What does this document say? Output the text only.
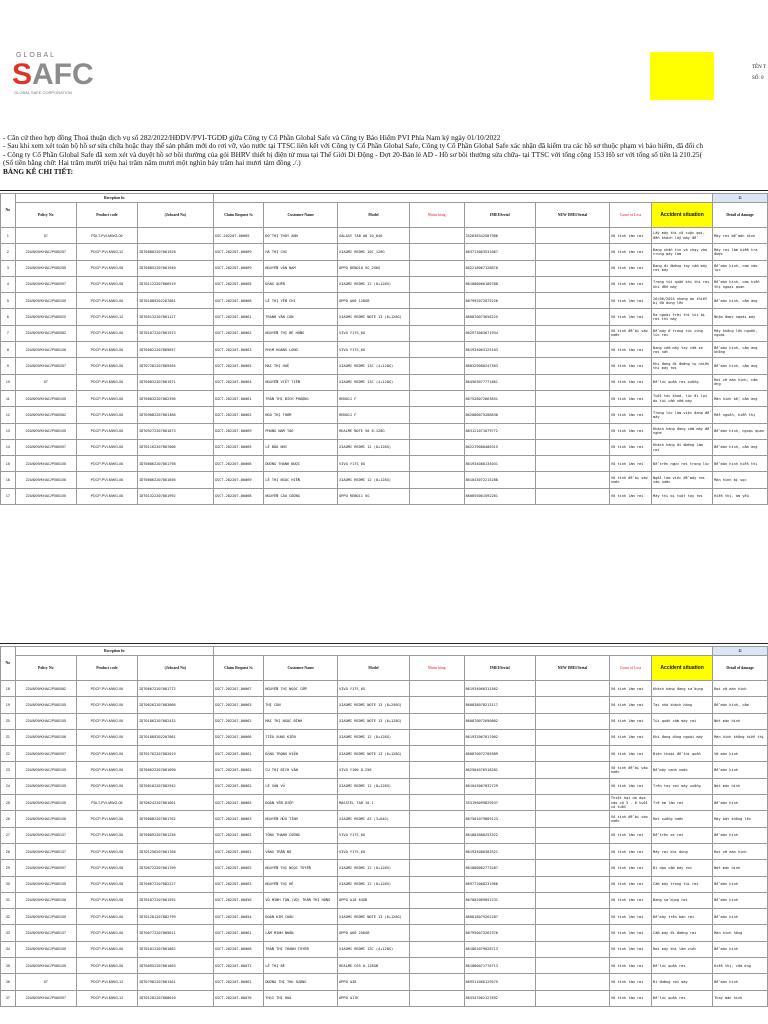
GLOBAL
SAFC
GLOBAL SAFE CORPORATION
TÊN T
SỐ: 0
- Căn cứ theo hợp đồng Thoả thuận dịch vụ số 282/2022/HĐDV/PVI-TGDĐ giữa Công ty Cổ Phần Global Safe và Công ty Bảo Hiểm PVI Phía Nam ký ngày 01/10/2022
- Sau khi xem xét toàn bộ hồ sơ sửa chữa hoặc thay thế sản phẩm mới do rơi vỡ, vào nước tại TTSC liên kết với Công ty Cổ Phần Global Safe, Công ty Cổ Phần Global Safe xác nhận đã kiểm tra các hồ sơ thuộc phạm vi bảo hiểm, đã đối ch
- Công ty Cổ Phần Global Safe đã xem xét và duyệt hồ sơ bồi thường của gói BHRV thiết bị điện tử mua tại Thế Giới Di Động - Đợt 20-Bản lẻ AD - Hồ sơ bồi thường sửa chữa- tại TTSC với tổng cộng 153 Hồ sơ với tổng số tiền là 210.25(
(Số tiền bằng chữ: Hai trăm mười triệu hai trăm năm mươi một nghìn bảy trăm hai mươi tám đồng ./.)
BẢNG KÊ CHI TIẾT:
No	Reception fu											G
	Policy No	Product code	(Jobcard No)	Claim Request №	Customer Name	Model	Nhóm hàng	IMEI/Serial	NEW IMEI/Serial	Cause of Loss	Accident situation	Detail of damage
1	57	PDLT-PVI-MWG-06		GSC-202207-00069	ĐỖ THỊ THÙY ANH	GALAXY TAB A8 10_640		352638342587986		Vô tình làm rơi	Lấy máy thì cô cuộc gọi, đến khách lấy máy để	Máy rơi bể màn hình
2	224/8/09/KHAC/P080257	PDCP-PVI-MWG-12	IDT06802207081928	GSCT-202207-00069	HÀ THỊ CHI	XIAOMI REDMI 10C_128G		863713063531067		Vô tình làm rơi	Đang nhắn tin và chạy vào trung máy làm	Máy rơi làm kiểm tra được
3	224/8/09/KHAC/P080255	PDCP-PVI-MWG-06	IDT06852207081940	GSCT-202207-00069	NGUYỄN VĂN NAM	OPPO RENO10 5G_256G		862218067128670		Vô tình làm rơi	Đang đi đường tay cầm máy rơi máy	Bể màn hình, cam vào lực
4	224/8/09/KHAC/P080097	PDCP-PVI-MWG-06	IDT01122207086519	GSCT-202207-00065	ĐẶNG QUẾN	XIAOMI REDMI 12 (8+128G)		861086066180788		Vô tình làm rơi	Trong túi quần khi thì rơi khi đến máy	Bể màn hình, cam hiển thị ngoại quan
5	224/8/09/KHAC/P080105	PDCP-PVI-MWG-06	IDT01889202207081	GSCT-202207-00066	LÊ THỊ YẾN CHI	OPPO A60 128GB		867992072075226		Vô tình làm rơi	26/06/2024 nhưng do thiết bị đã dùng lên	Bể màn hình, cảm ứng
6	224/8/09/KHAC/P080020	PDCP-PVI-MWG-12	IDT05132207081127	GSCT-202207-00061	TRANH VÂN CÒN	XIAOMI REDMI NOTE 13 (6+128G)		860870073656225		Vô tình làm rơi	Ra ngoài trời thì túi bị rơi thì máy	Nhận được ngoài máy
7	224/8/09/KHAC/P080082	PDCP-PVI-MWG-06	IDT01072207081913	GSCT-202207-00062	NGUYỄN THỊ BÉ HỒNG	VIVO Y17S_6G		862973003671934		Vô tình để bị vào nước	Để máy ở trong túi cùng lúc rơi	Máy không lên nguồn, ngoại
8	224/8/09/KHAC/P080106	PDCP-PVI-MWG-06	IDT06022207089657	GSCT-202207-00063	PHẠM HOÀNG LONG	VIVO Y17S_6G		861934063125103		Vô tình làm rơi	Đang cầm máy tay cầm xe rơi nát	Bể màn hình, cảm ứng không
9	224/8/09/KHAC/P080257	PDCP-PVI-MWG-06	IDT07262207085565	GSCT-202207-00065	MAI THỊ HUỆ	XIAOMI REDMI 13C (4+128G)		868329080247503		Vô tình làm rơi	Khi đang đi đường tự nhiên thì máy rơi	Bể màn hình, cảm ứng
10	57	PDCP-PVI-MWG-06	IDT06832207081971	GSCT-202207-00064	NGUYỄN VIỆT TIẾN	XIAOMI REDMI 13C (4+128G)		864563077771861		Vô tình làm rơi	Để túi quần rơi xuống	Rơi vỡ màn hình, cảm ứng
11	224/8/09/KHAC/P080105	PDCP-PVI-MWG-06	IDT06832207082396	GSCT-202207-00061	TRẦN THỊ BÍCH PHƯỢNG	RENO11 F		867528072663651		Vô tình làm rơi	Tuổi tác khoá, lúc đi lại do túi cầm nếm máy	Màn hình bể, cảm ứng
12	224/8/09/KHAC/P080082	PDCP-PVI-MWG-06	IDT09082207081366	GSCT-202207-00062	NGÔ THỊ THƠM	RENO11 F		862080075288630		Vô tình làm rơi	Trong lúc làm việc đang để máy	Mất nguồn, hiển thị
13	224/8/09/KHAC/P080105	PDCP-PVI-MWG-06	IDT09272207081873	GSCT-202207-00069	PHÙNG NAM TÀO	REALME NOTE 50 8-128G		863121071079772		Vô tình làm rơi	Khách hàng đang cầm máy để nghe	Bể màn hình, ngoại quan
14	224/8/09/KHAC/P080097	PDCP-PVI-MWG-06	IDT01162207087006	GSCT-202207-00065	LÊ BẢO NHI	XIAOMI REDMI 12 (8+128G)		862219080400315		Vô tình làm rơi	Khách hàng đi đường làm rơi	Bể màn hình, cảm ứng
15	224/8/09/KHAC/P080105	PDCP-PVI-MWG-06	IDT06862207081798	GSCT-202207-00066	DƯƠNG THANH ĐƯỢC	VIVO Y17S_6G		861934080135031		Vô tình làm rơi	Để trên ngực rơi trong lúc	Bể màn hình hiển thị
16	224/8/09/KHAC/P080106	PDCP-PVI-MWG-06	IDT06862207081656	GSCT-202207-00069	LÊ THỊ NGỌC HIỀN	XIAOMI REDMI 12 (8+128G)		861043072215288		Vô tình để bị vào nước	Ngồi làm việc để máy rơi vào nước	Màn hình bị sọc
17	224/8/09/KHAC/P080105	PDCP-PVI-MWG-06	IDT01322207081992	GSCT-202207-00068	NGUYỄN CAO CƯỜNG	OPPO RENO11 5G		860655061592261		Vô tình làm rơi	Máy thì bị tuột tay rơi	Hiển thị, ám yếu
No	Reception fu											G
	Policy No	Product code	(Jobcard No)	Claim Request №	Customer Name	Model	Nhóm hàng	IMEI/Serial	NEW IMEI/Serial	Cause of Loss	Accident situation	Detail of damage
18	224/8/09/KHAC/P080082	PDCP-PVI-MWG-06	IDT06672207081772	GSCT-202207-00067	NGUYỄN THỊ NGỌC CẨM	VIVO Y17S_6G		861934060311562		Vô tình làm rơi	Khách hàng đang sử dụng	Rơi vỡ màn hình
19	224/8/09/KHAC/P080105	PDCP-PVI-MWG-06	IDT06262207083066	GSCT-202207-00063	THỊ CÒN	XIAOMI REDMI NOTE 13 (8+256G)		860838078213117		Vô tình làm rơi	Tại nhà khách hàng	Bể màn hình, cảm
20	224/8/09/KHAC/P080105	PDCP-PVI-MWG-06	IDT01862207082432	GSCT-202207-00062	MAI THỊ NGỌC BÌNH	XIAOMI REDMI NOTE 13 (6+128G)		860870072690802		Vô tình làm rơi	Túi quần cầm máy rơi	Nứt màn hình
21	224/8/09/KHAC/P080106	PDCP-PVI-MWG-06	IDT01889202207081	GSCT-202207-00066	TIÊU XUNG KIÊN	XIAOMI REDMI 12 (8+128G)		861932067817002		Vô tình làm rơi	Khi đang dùng ngoài máy	Màn hình không hiển thị
22	224/8/09/KHAC/P080097	PDCP-PVI-MWG-06	IDT01762207082019	GSCT-202207-00061	ĐẶNG TRỌNG HIỆN	XIAOMI REDMI NOTE 13 (6+128G)		860870072705989		Vô tình làm rơi	Điện thoại để túi quần	Vỡ màn hình
23	224/8/09/KHAC/P080105	PDCP-PVI-MWG-06	IDT06622207081090	GSCT-202207-00062	CÙ THỊ BÍCH VÂN	VIVO Y100 8-256		862504076518281		Vô tình để bị vào nước	Để máy cạnh nước	Bể màn hình
24	224/8/09/KHAC/P080105	PDCP-PVI-MWG-06	IDT06102207082942	GSCT-202207-00062	LÊ VĂN VŨ	XIAOMI REDMI 12 (8+128G)		861043067032729		Vô tình làm rơi	Trên tay rơi máy xuống	Nứt màn hình
25	224/8/09/KHAC/P080105	PDLT-PVI-MWG-06	IDT06242207081661	GSCT-202207-00065	ĐOÀN YẾN DIỆP	MASSTEL TAB 10.1		353196099829537		Thiệt hại do dựa vào có 3 - 6 tuổi có tuổi	Trẻ em làm rơi	Bể màn hình
26	224/8/09/KHAC/P080106	PDCP-PVI-MWG-06	IDT06882207081762	GSCT-202207-00063	NGUYỄN HỮU TÍNH	XIAOMI REDMI A3 (3+64G)		867501079889123		Vô tình để bị vào nước	Rơi xuống nước	Máy bật không lên
27	224/8/09/KHAC/P080137	PDCP-PVI-MWG-06	IDT06892207081256	GSCT-202207-00062	TÔNG THANH CƯỜNG	VIVO Y17S_6G		861803080253322		Vô tình làm rơi	Để trên xe rơi	Bể màn hình
28	224/8/09/KHAC/P080137	PDCP-PVI-MWG-06	IDT01256207081768	GSCT-202207-00061	VĂNG TRẦN ĐỜ	VIVO Y17S_6G		861934080303521		Vô tình làm rơi	Máy rơi khi dùng	Rơi vỡ màn hình
29	224/8/09/KHAC/P080097	PDCP-PVI-MWG-06	IDT06722207081709	GSCT-202207-00062	NGUYỄN THỊ NGỌC TUYỀN	XIAOMI REDMI 12 (8+128G)		861880062773287		Vô tình làm rơi	Đi dạo cầm máy rơi	Nứt màn hình
30	224/8/09/KHAC/P080105	PDCP-PVI-MWG-06	IDT06672207082227	GSCT-202207-00063	NGUYỄN THỊ HẺ	XIAOMI REDMI 12 (8+128G)		869772068231966		Vô tình làm rơi	Cầm máy trong túi rơi	Bể màn hình
31	224/8/09/KHAC/P080106	PDCP-PVI-MWG-06	IDT01872207081592	GSCT-202207-00056	VÕ MINH TÂN-(VỢ) TRẦN THỊ HỒNG	OPPO A18 64GB		867002069052231		Vô tình làm rơi	Đang sử dụng rơi	Bể màn hình
32	224/8/09/KHAC/P080105	PDCP-PVI-MWG-06	IDT01281207082799	GSCT-202207-00054	ĐOÀN KIM CHÂU	XIAOMI REDMI NOTE 13 (6+128G)		860818079262287		Vô tình làm rơi	Để máy trên bàn rơi	Bể màn hình
33	224/8/09/KHAC/P080137	PDCP-PVI-MWG-06	IDT00772207085611	GSCT-202207-00061	LÂM MINH NHÂN	OPPO A60 256GB		867950073262376		Vô tình làm rơi	Cầm máy đi đường rơi	Màn hình hỏng
34	224/8/09/KHAC/P080105	PDCP-PVI-MWG-06	IDT01012207081862	GSCT-202207-00066	TRẦN THỊ THANH TUYỀN	XIAOMI REDMI 13C (4+128G)		861062079028713		Vô tình làm rơi	Rơi máy khi làm việc	Bể màn hình
35	224/8/09/KHAC/P080105	PDCP-PVI-MWG-06	IDT06952207081663	GSCT-202207-00071	LÊ THỊ BÉ	REALME C65 6-128GB		861880071776713		Vô tình làm rơi	Để túi quần rơi	Hiển thị, cảm ứng
36	57	PDCP-PVI-MWG-12	IDT07962207081561	GSCT-202207-00061	DƯƠNG THỊ THU SƯƠNG	OPPO A38		869511066129575		Vô tình làm rơi	Đi đường rơi máy	Bể màn hình
37	224/8/09/KHAC/P080097	PDCP-PVI-MWG-12	IDT01282207088610	GSCT-202207-00076	THẠI THỊ HOA	OPPO A17K		863347062127692		Vô tình làm rơi	Để túi quần rơi	Thay màn hình
